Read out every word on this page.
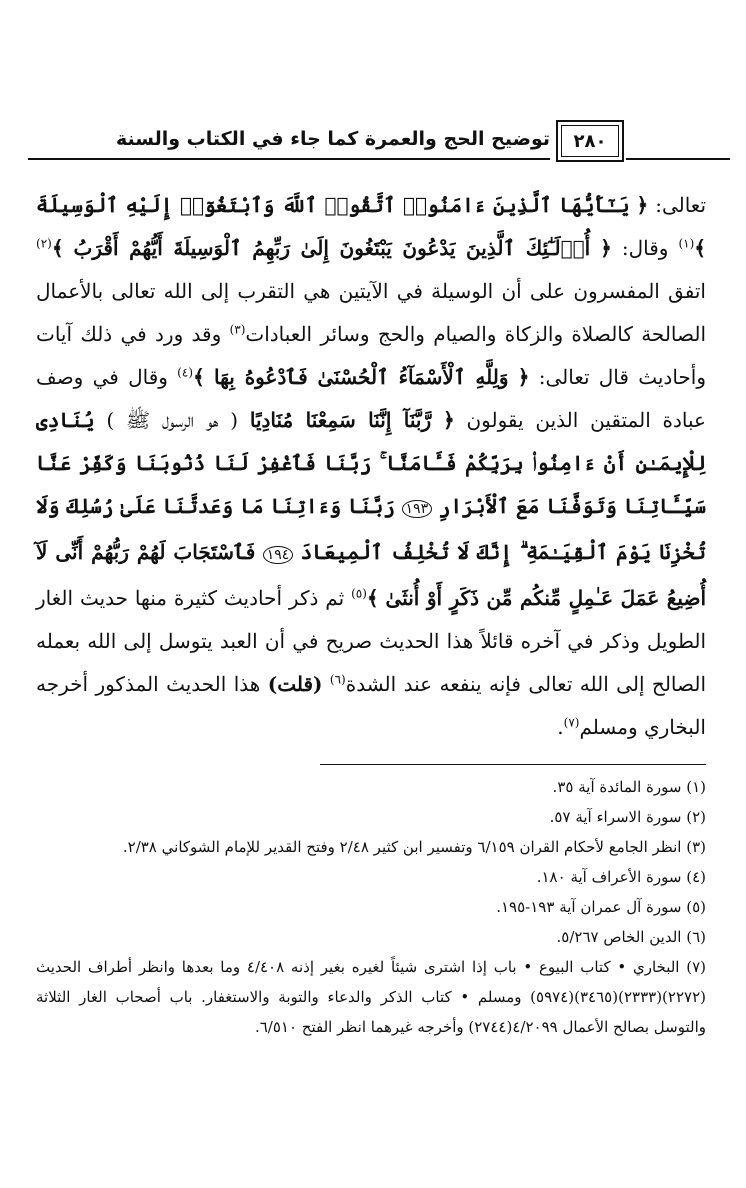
توضيح الحج والعمرة كما جاء في الكتاب والسنة ٢٨٠
تعالى: ﴿ يَـٰٓأَيُّهَا ٱلَّذِينَ ءَامَنُوا۟ ٱتَّقُوا۟ ٱللَّهَ وَٱبْتَغُوٓا۟ إِلَيْهِ ٱلْوَسِيلَةَ ﴾$^{(١)}$ وقال: ﴿ أُو۟لَـٰٓئِكَ ٱلَّذِينَ يَدْعُونَ يَبْتَغُونَ إِلَىٰ رَبِّهِمُ ٱلْوَسِيلَةَ أَيُّهُمْ أَقْرَبُ ﴾$^{(٢)}$ اتفق المفسرون على أن الوسيلة في الآيتين هي التقرب إلى الله تعالى بالأعمال الصالحة كالصلاة والزكاة والصيام والحج وسائر العبادات$^{(٣)}$ وقد ورد في ذلك آيات وأحاديث قال تعالى: ﴿ وَلِلَّهِ ٱلْأَسْمَآءُ ٱلْحُسْنَىٰ فَٱدْعُوهُ بِهَا ﴾$^{(٤)}$ وقال في وصف عبادة المتقين الذين يقولون ﴿ رَّبَّنَآ إِنَّنَا سَمِعْنَا مُنَادِيًا ( هو الرسول ﷺ ) يُنَادِى لِلْإِيمَـٰنِ أَنْ ءَامِنُوا۟ بِرَبِّكُمْ فَـَٔامَنَّا ۚ رَبَّنَا فَٱغْفِرْ لَنَا ذُنُوبَنَا وَكَفِّرْ عَنَّا سَيِّـَٔاتِنَا وَتَوَفَّنَا مَعَ ٱلْأَبْرَارِ ١٩٣ رَبَّنَا وَءَاتِنَا مَا وَعَدتَّنَا عَلَىٰ رُسُلِكَ وَلَا تُخْزِنَا يَوْمَ ٱلْقِيَـٰمَةِ ۗ إِنَّكَ لَا تُخْلِفُ ٱلْمِيعَادَ ١٩٤ فَٱسْتَجَابَ لَهُمْ رَبُّهُمْ أَنِّى لَآ أُضِيعُ عَمَلَ عَـٰمِلٍ مِّنكُم مِّن ذَكَرٍ أَوْ أُنثَىٰ ﴾$^{(٥)}$ ثم ذكر أحاديث كثيرة منها حديث الغار الطويل وذكر في آخره قائلاً هذا الحديث صريح في أن العبد يتوسل إلى الله بعمله الصالح إلى الله تعالى فإنه ينفعه عند الشدة$^{(٦)}$ (قلت) هذا الحديث المذكور أخرجه البخاري ومسلم$^{(٧)}$.

(١) سورة المائدة آية ٣٥.

(٢) سورة الاسراء آية ٥٧.

(٣) انظر الجامع لأحكام القران ٦/١٥٩ وتفسير ابن كثير ٢/٤٨ وفتح القدير للإمام الشوكاني ٢/٣٨.

(٤) سورة الأعراف آية ١٨٠.

(٥) سورة آل عمران آية ١٩٣-١٩٥.

(٦) الدين الخاص ٥/٢٦٧.

(٧) البخاري • كتاب البيوع • باب إذا اشترى شيئاً لغيره بغير إذنه ٤/٤٠٨ وما بعدها وانظر أطراف الحديث (٢٢٧٢)(٢٣٣٣)(٣٤٦٥)(٥٩٧٤) ومسلم • كتاب الذكر والدعاء والتوبة والاستغفار. باب أصحاب الغار الثلاثة والتوسل بصالح الأعمال ٤/٢٠٩٩(٢٧٤٤) وأخرجه غيرهما انظر الفتح ٦/٥١٠.
